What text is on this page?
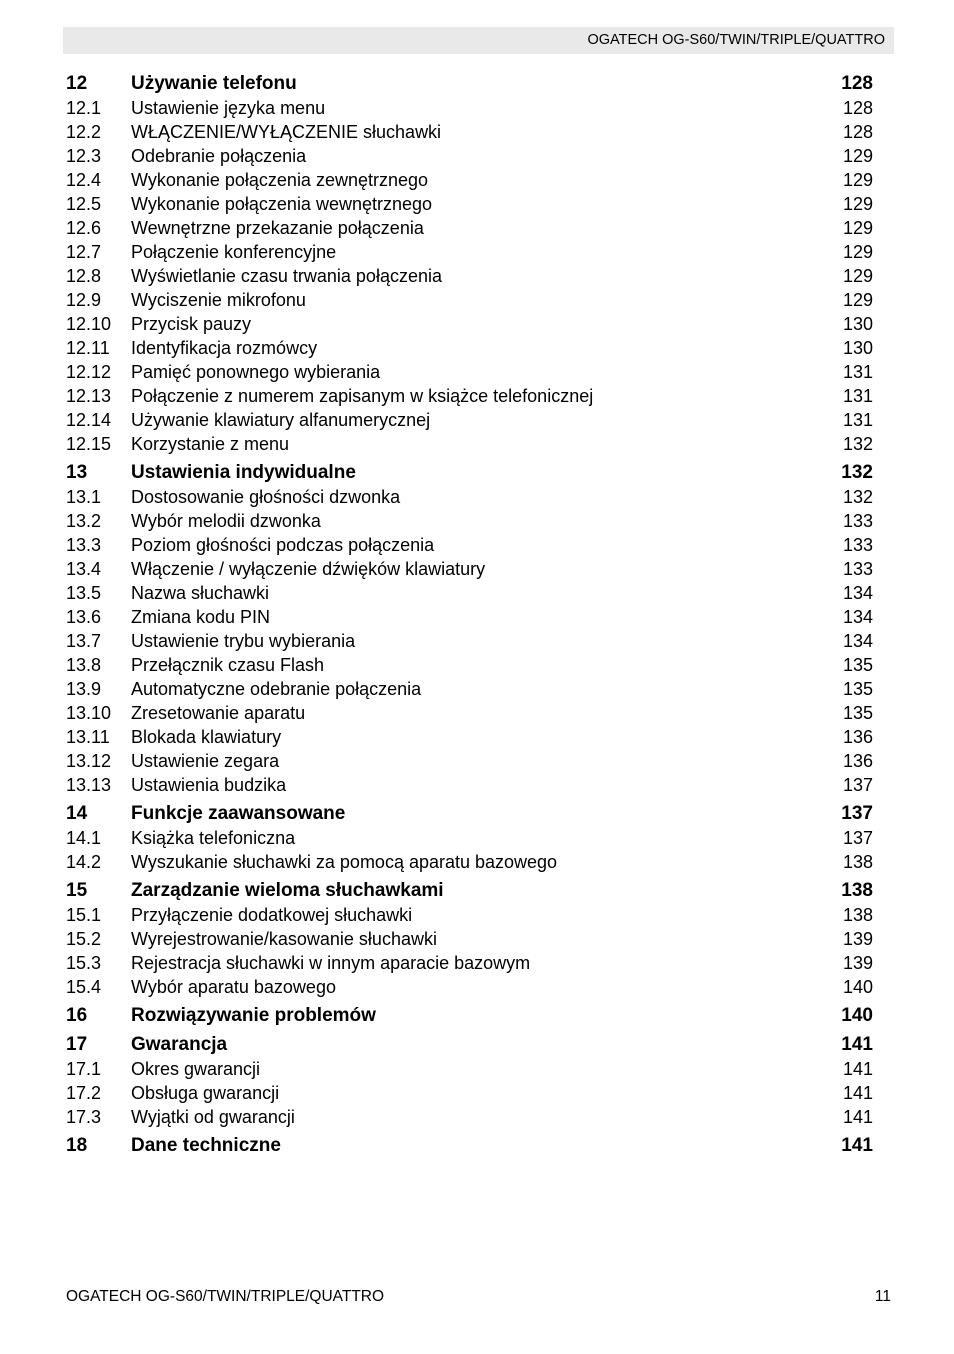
OGATECH OG-S60/TWIN/TRIPLE/QUATTRO
12 Używanie telefonu	128
12.1 Ustawienie języka menu	128
12.2 WŁĄCZENIE/WYŁĄCZENIE słuchawki	128
12.3 Odebranie połączenia	129
12.4 Wykonanie połączenia zewnętrznego	129
12.5 Wykonanie połączenia wewnętrznego	129
12.6 Wewnętrzne przekazanie połączenia	129
12.7 Połączenie konferencyjne	129
12.8 Wyświetlanie czasu trwania połączenia	129
12.9 Wyciszenie mikrofonu	129
12.10 Przycisk pauzy	130
12.11 Identyfikacja rozmówcy	130
12.12 Pamięć ponownego wybierania	131
12.13 Połączenie z numerem zapisanym w książce telefonicznej	131
12.14 Używanie klawiatury alfanumerycznej	131
12.15 Korzystanie z menu	132
13 Ustawienia indywidualne	132
13.1 Dostosowanie głośności dzwonka	132
13.2 Wybór melodii dzwonka	133
13.3 Poziom głośności podczas połączenia	133
13.4 Włączenie / wyłączenie dźwięków klawiatury	133
13.5 Nazwa słuchawki	134
13.6 Zmiana kodu PIN	134
13.7 Ustawienie trybu wybierania	134
13.8 Przełącznik czasu Flash	135
13.9 Automatyczne odebranie połączenia	135
13.10 Zresetowanie aparatu	135
13.11 Blokada klawiatury	136
13.12 Ustawienie zegara	136
13.13 Ustawienia budzika	137
14 Funkcje zaawansowane	137
14.1 Książka telefoniczna	137
14.2 Wyszukanie słuchawki za pomocą aparatu bazowego	138
15 Zarządzanie wieloma słuchawkami	138
15.1 Przyłączenie dodatkowej słuchawki	138
15.2 Wyrejestrowanie/kasowanie słuchawki	139
15.3 Rejestracja słuchawki w innym aparacie bazowym	139
15.4 Wybór aparatu bazowego	140
16 Rozwiązywanie problemów	140
17 Gwarancja	141
17.1 Okres gwarancji	141
17.2 Obsługa gwarancji	141
17.3 Wyjątki od gwarancji	141
18 Dane techniczne	141
OGATECH OG-S60/TWIN/TRIPLE/QUATTRO	11
